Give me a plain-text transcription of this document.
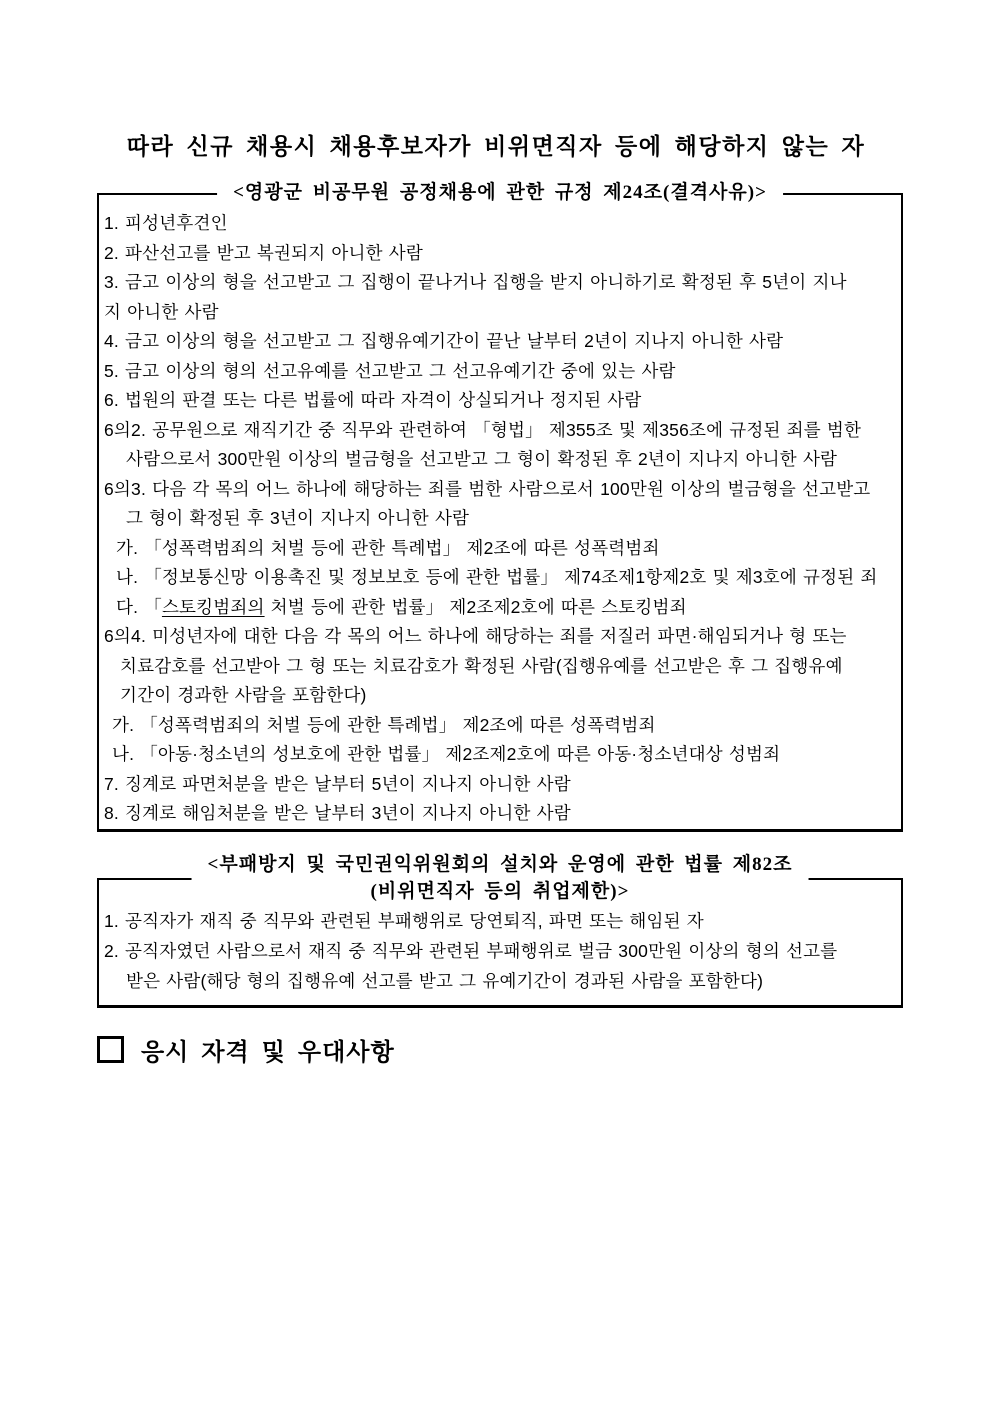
따라 신규 채용시 채용후보자가 비위면직자 등에 해당하지 않는 자
<영광군 비공무원 공정채용에 관한 규정 제24조(결격사유)>
1. 피성년후견인
2. 파산선고를 받고 복권되지 아니한 사람
3. 금고 이상의 형을 선고받고 그 집행이 끝나거나 집행을 받지 아니하기로 확정된 후 5년이 지나
지 아니한 사람
4. 금고 이상의 형을 선고받고 그 집행유예기간이 끝난 날부터 2년이 지나지 아니한 사람
5. 금고 이상의 형의 선고유예를 선고받고 그 선고유예기간 중에 있는 사람
6. 법원의 판결 또는 다른 법률에 따라 자격이 상실되거나 정지된 사람
6의2. 공무원으로 재직기간 중 직무와 관련하여 「형법」 제355조 및 제356조에 규정된 죄를 범한
사람으로서 300만원 이상의 벌금형을 선고받고 그 형이 확정된 후 2년이 지나지 아니한 사람
6의3. 다음 각 목의 어느 하나에 해당하는 죄를 범한 사람으로서 100만원 이상의 벌금형을 선고받고
그 형이 확정된 후 3년이 지나지 아니한 사람
가. 「성폭력범죄의 처벌 등에 관한 특례법」 제2조에 따른 성폭력범죄
나. 「정보통신망 이용촉진 및 정보보호 등에 관한 법률」 제74조제1항제2호 및 제3호에 규정된 죄
다. 「스토킹범죄의 처벌 등에 관한 법률」 제2조제2호에 따른 스토킹범죄
6의4. 미성년자에 대한 다음 각 목의 어느 하나에 해당하는 죄를 저질러 파면·해임되거나 형 또는
치료감호를 선고받아 그 형 또는 치료감호가 확정된 사람(집행유예를 선고받은 후 그 집행유예
기간이 경과한 사람을 포함한다)
가. 「성폭력범죄의 처벌 등에 관한 특례법」 제2조에 따른 성폭력범죄
나. 「아동·청소년의 성보호에 관한 법률」 제2조제2호에 따른 아동·청소년대상 성범죄
7. 징계로 파면처분을 받은 날부터 5년이 지나지 아니한 사람
8. 징계로 해임처분을 받은 날부터 3년이 지나지 아니한 사람
<부패방지 및 국민권익위원회의 설치와 운영에 관한 법률 제82조
(비위면직자 등의 취업제한)>
1. 공직자가 재직 중 직무와 관련된 부패행위로 당연퇴직, 파면 또는 해임된 자
2. 공직자였던 사람으로서 재직 중 직무와 관련된 부패행위로 벌금 300만원 이상의 형의 선고를
받은 사람(해당 형의 집행유예 선고를 받고 그 유예기간이 경과된 사람을 포함한다)
응시 자격 및 우대사항
